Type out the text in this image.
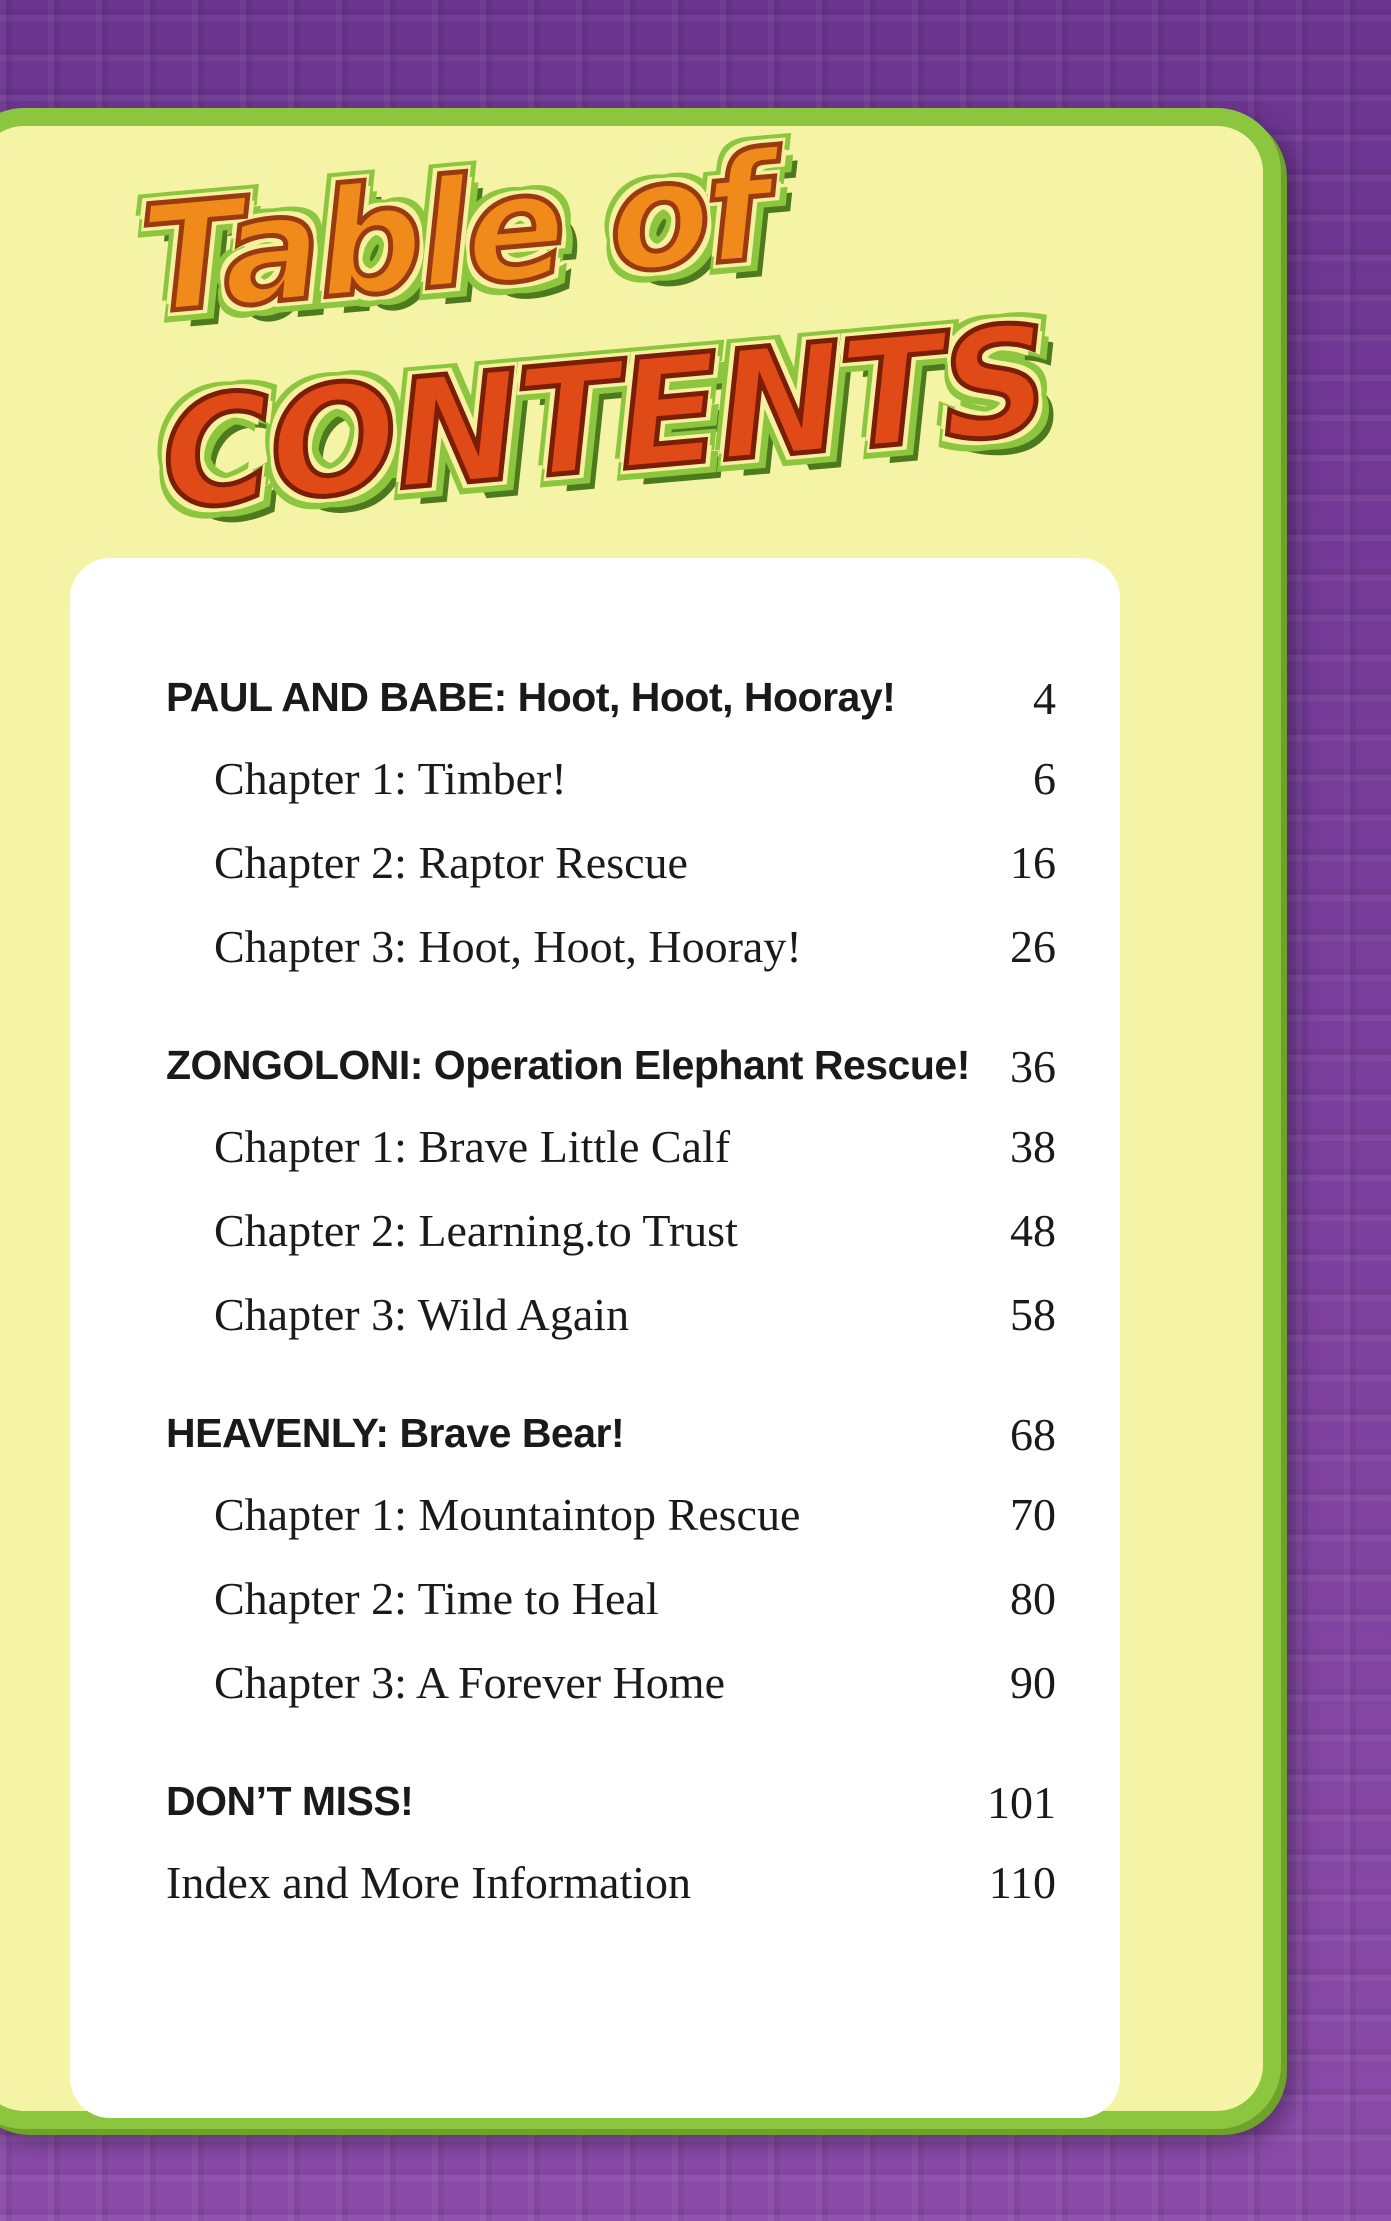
Table of
CONTENTS
PAUL AND BABE: Hoot, Hoot, Hooray!	4
Chapter 1: Timber!	6
Chapter 2: Raptor Rescue	16
Chapter 3: Hoot, Hoot, Hooray!	26
ZONGOLONI: Operation Elephant Rescue! 36
Chapter 1: Brave Little Calf	38
Chapter 2: Learning.to Trust	48
Chapter 3: Wild Again	58
HEAVENLY: Brave Bear!	68
Chapter 1: Mountaintop Rescue	70
Chapter 2: Time to Heal	80
Chapter 3: A Forever Home	90
DON’T MISS!	101
Index and More Information	110
